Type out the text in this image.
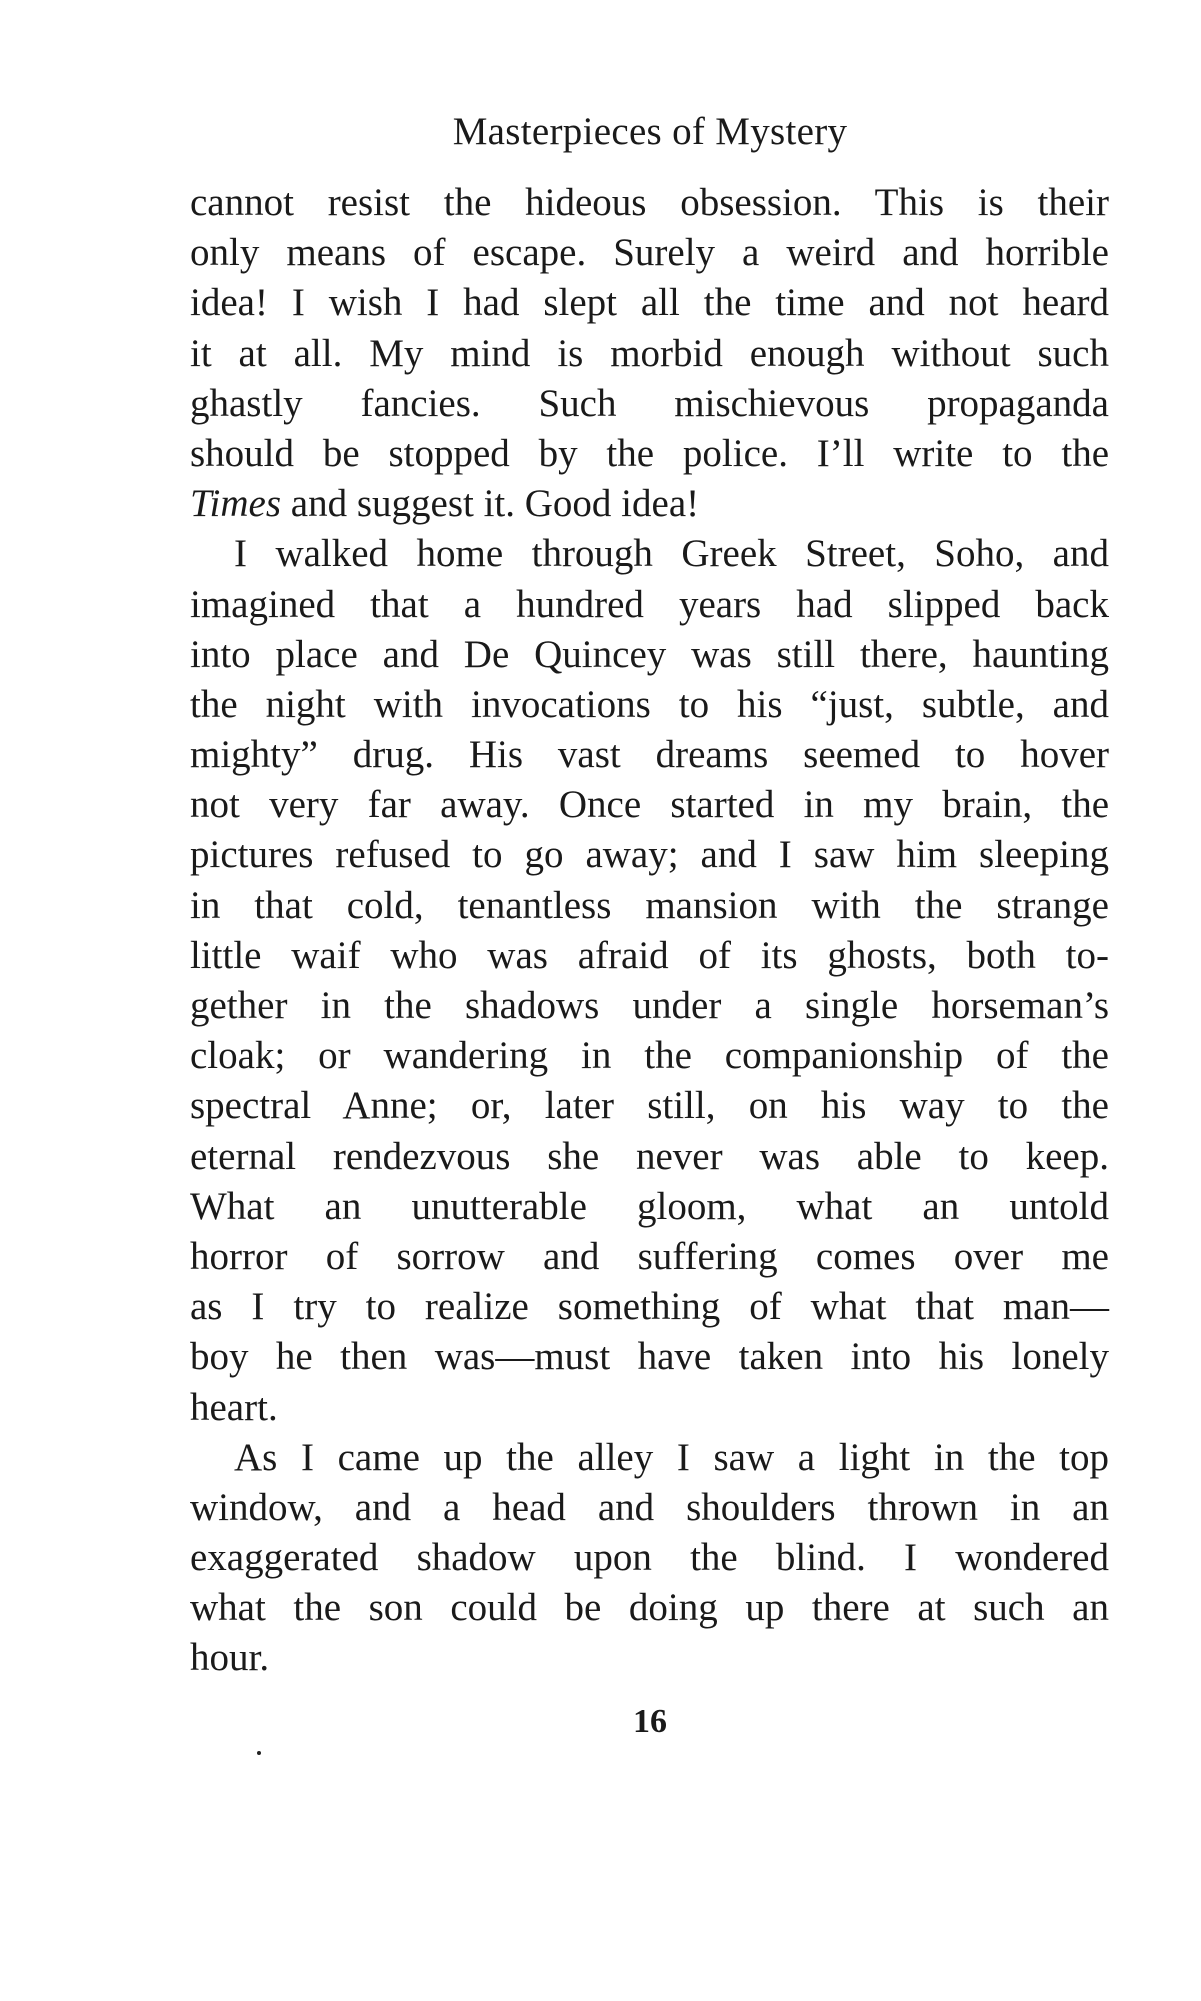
Masterpieces of Mystery
cannot resist the hideous obsession. This is their
only means of escape. Surely a weird and horrible
idea! I wish I had slept all the time and not heard
it at all. My mind is morbid enough without such
ghastly fancies. Such mischievous propaganda
should be stopped by the police. I’ll write to the
Times and suggest it. Good idea!
I walked home through Greek Street, Soho, and
imagined that a hundred years had slipped back
into place and De Quincey was still there, haunting
the night with invocations to his “just, subtle, and
mighty” drug. His vast dreams seemed to hover
not very far away. Once started in my brain, the
pictures refused to go away; and I saw him sleeping
in that cold, tenantless mansion with the strange
little waif who was afraid of its ghosts, both to-
gether in the shadows under a single horseman’s
cloak; or wandering in the companionship of the
spectral Anne; or, later still, on his way to the
eternal rendezvous she never was able to keep.
What an unutterable gloom, what an untold
horror of sorrow and suffering comes over me
as I try to realize something of what that man—
boy he then was—must have taken into his lonely
heart.
As I came up the alley I saw a light in the top
window, and a head and shoulders thrown in an
exaggerated shadow upon the blind. I wondered
what the son could be doing up there at such an
hour.
16
